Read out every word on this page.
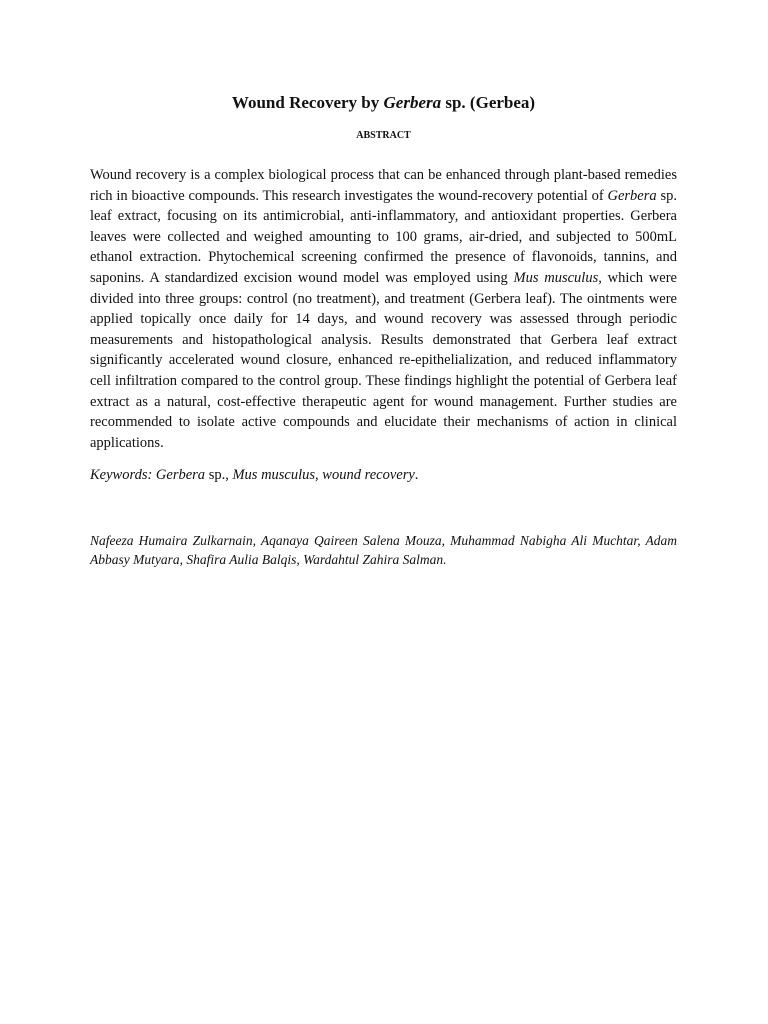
Wound Recovery by Gerbera sp. (Gerbea)
ABSTRACT

Wound recovery is a complex biological process that can be enhanced through plant-based remedies rich in bioactive compounds. This research investigates the wound-recovery potential of Gerbera sp. leaf extract, focusing on its antimicrobial, anti-inflammatory, and antioxidant properties. Gerbera leaves were collected and weighed amounting to 100 grams, air-dried, and subjected to 500mL ethanol extraction. Phytochemical screening confirmed the presence of flavonoids, tannins, and saponins. A standardized excision wound model was employed using Mus musculus, which were divided into three groups: control (no treatment), and treatment (Gerbera leaf). The ointments were applied topically once daily for 14 days, and wound recovery was assessed through periodic measurements and histopathological analysis. Results demonstrated that Gerbera leaf extract significantly accelerated wound closure, enhanced re-epithelialization, and reduced inflammatory cell infiltration compared to the control group. These findings highlight the potential of Gerbera leaf extract as a natural, cost-effective therapeutic agent for wound management. Further studies are recommended to isolate active compounds and elucidate their mechanisms of action in clinical applications.

Keywords: Gerbera sp., Mus musculus, wound recovery.

Nafeeza Humaira Zulkarnain, Aqanaya Qaireen Salena Mouza, Muhammad Nabigha Ali Muchtar, Adam Abbasy Mutyara, Shafira Aulia Balqis, Wardahtul Zahira Salman.
